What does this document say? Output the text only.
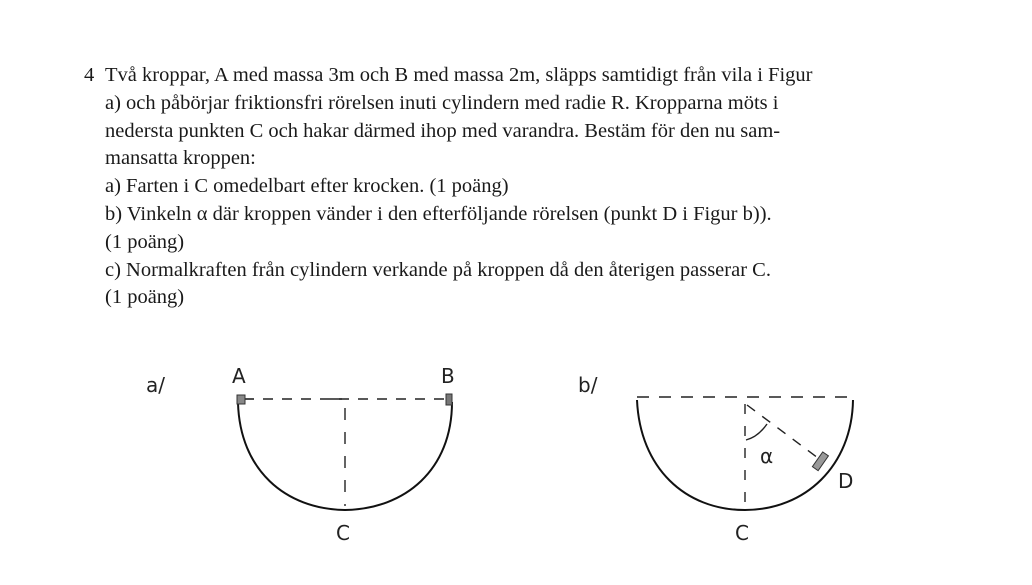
4 Två kroppar, A med massa 3m och B med massa 2m, släpps samtidigt från vila i Figur
a) och påbörjar friktionsfri rörelsen inuti cylindern med radie R. Kropparna möts i
nedersta punkten C och hakar därmed ihop med varandra. Bestäm för den nu sam-
mansatta kroppen:
a) Farten i C omedelbart efter krocken. (1 poäng)
b) Vinkeln α där kroppen vänder i den efterföljande rörelsen (punkt D i Figur b)).
(1 poäng)
c) Normalkraften från cylindern verkande på kroppen då den återigen passerar C.
(1 poäng)
a/	A	B
C
b/
α
D
C
